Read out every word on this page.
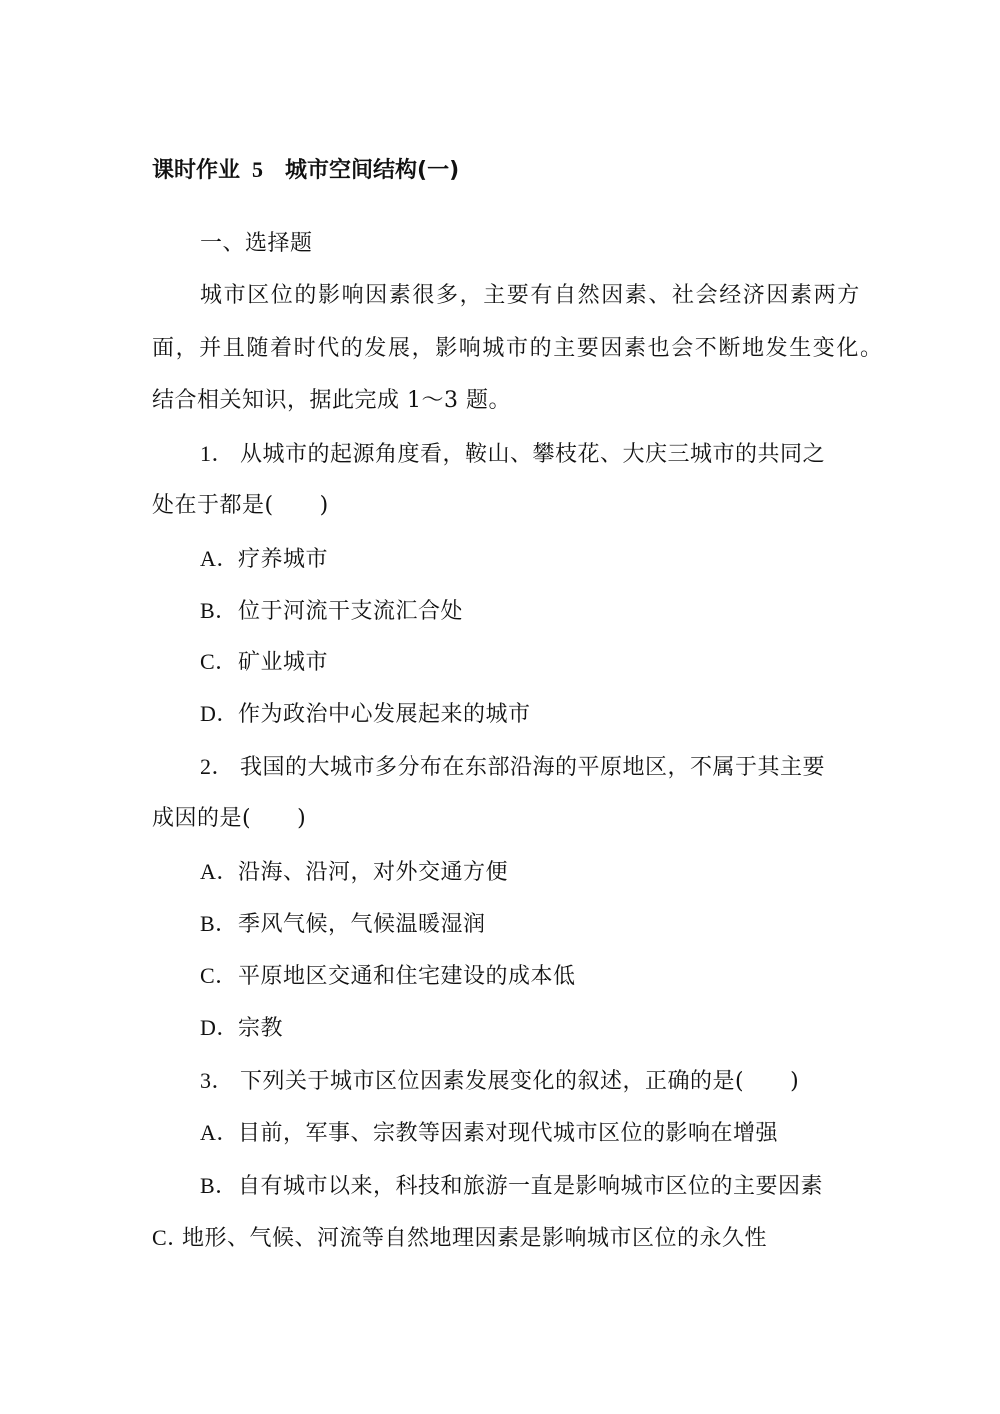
课时作业 5 城市空间结构(一)
一、选择题
城市区位的影响因素很多，主要有自然因素、社会经济因素两方
面，并且随着时代的发展，影响城市的主要因素也会不断地发生变化。
结合相关知识，据此完成 1～3 题。
1． 从城市的起源角度看，鞍山、攀枝花、大庆三城市的共同之
处在于都是( )
A．疗养城市
B．位于河流干支流汇合处
C．矿业城市
D．作为政治中心发展起来的城市
2． 我国的大城市多分布在东部沿海的平原地区，不属于其主要
成因的是( )
A．沿海、沿河，对外交通方便
B．季风气候，气候温暖湿润
C．平原地区交通和住宅建设的成本低
D．宗教
3． 下列关于城市区位因素发展变化的叙述，正确的是( )
A．目前，军事、宗教等因素对现代城市区位的影响在增强
B．自有城市以来，科技和旅游一直是影响城市区位的主要因素
C．地形、气候、河流等自然地理因素是影响城市区位的永久性
